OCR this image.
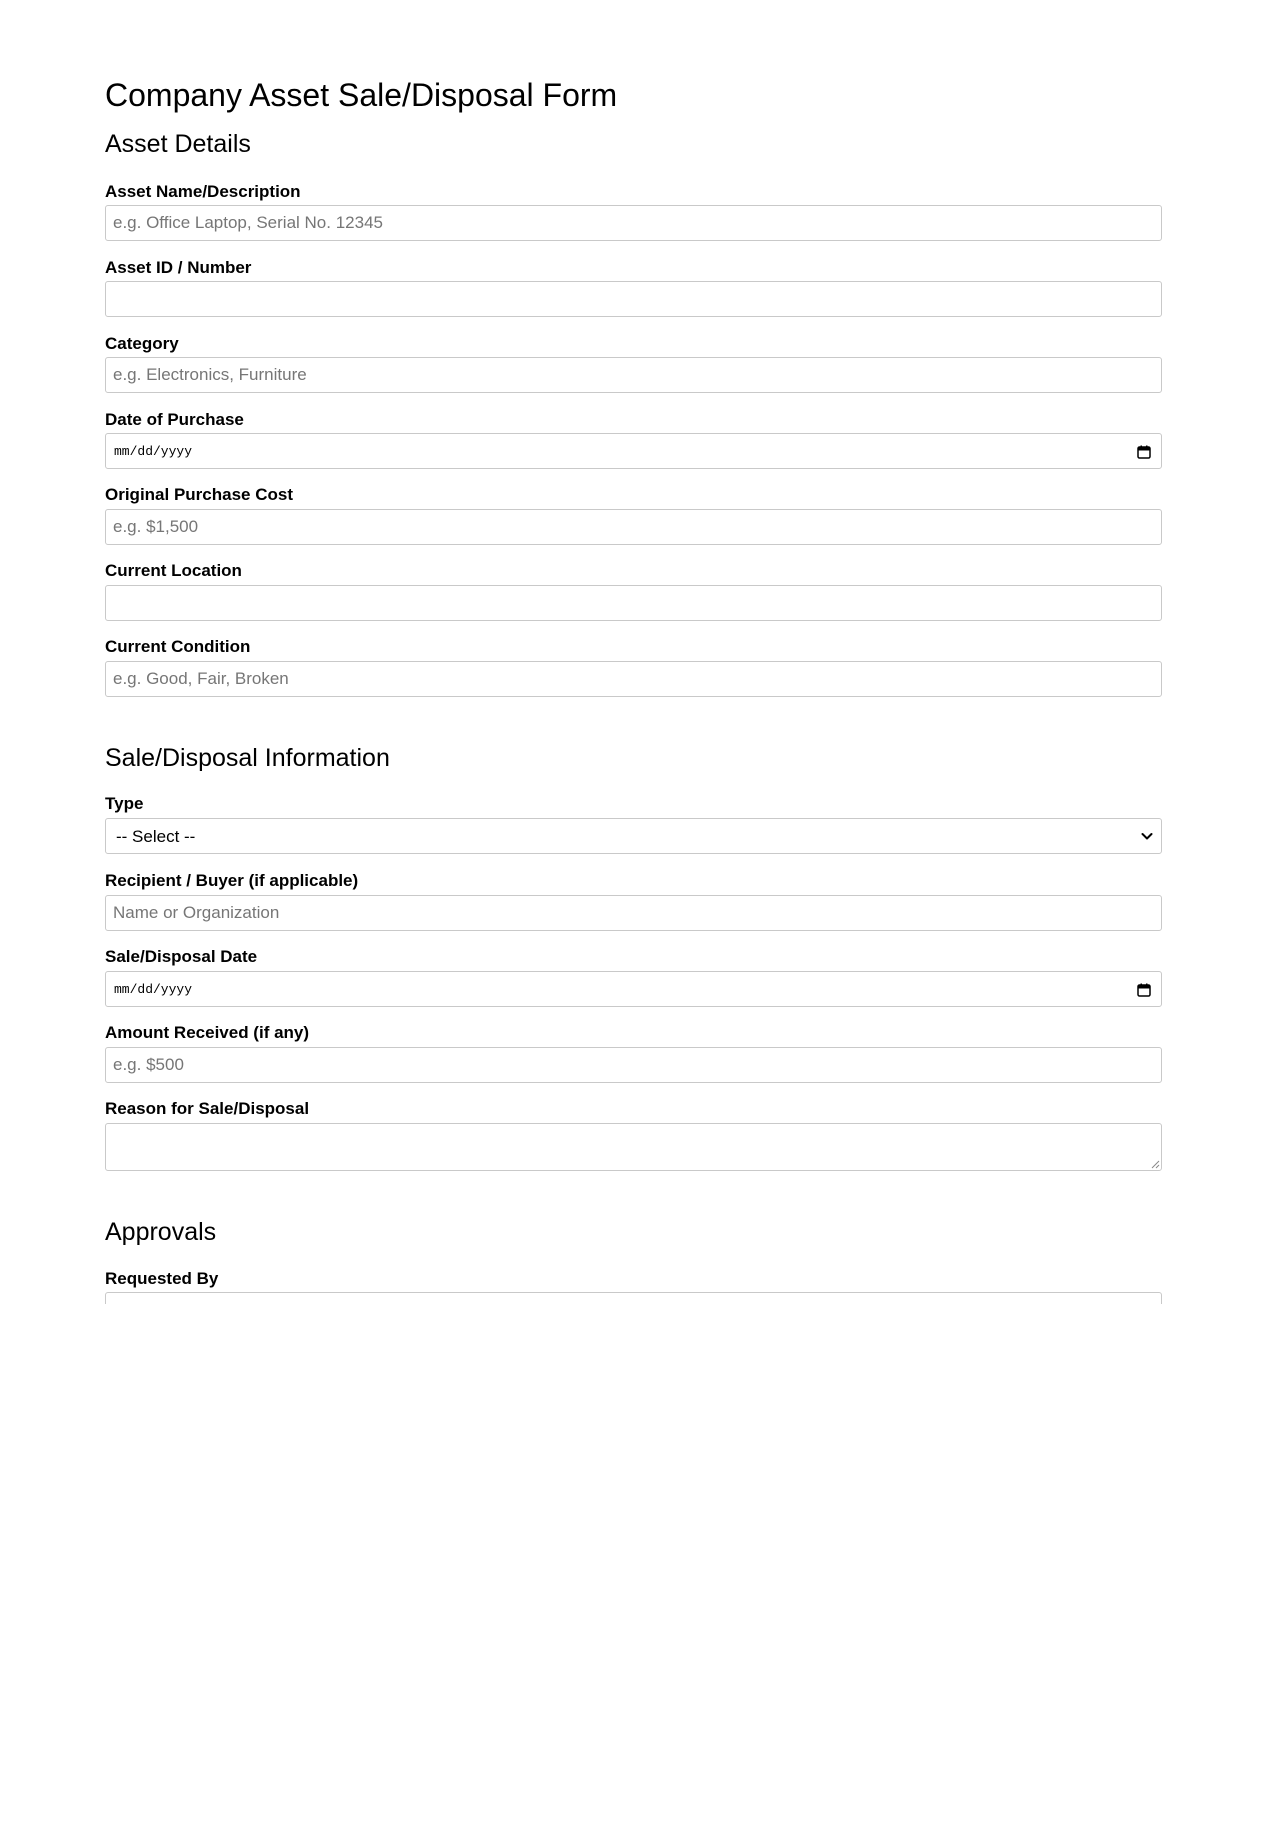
Company Asset Sale/Disposal Form
Asset Details
Asset Name/Description
e.g. Office Laptop, Serial No. 12345
Asset ID / Number
Category
e.g. Electronics, Furniture
Date of Purchase
mm/dd/yyyy
Original Purchase Cost
e.g. $1,500
Current Location
Current Condition
e.g. Good, Fair, Broken
Sale/Disposal Information
Type
-- Select --
Recipient / Buyer (if applicable)
Name or Organization
Sale/Disposal Date
mm/dd/yyyy
Amount Received (if any)
e.g. $500
Reason for Sale/Disposal
Approvals
Requested By
